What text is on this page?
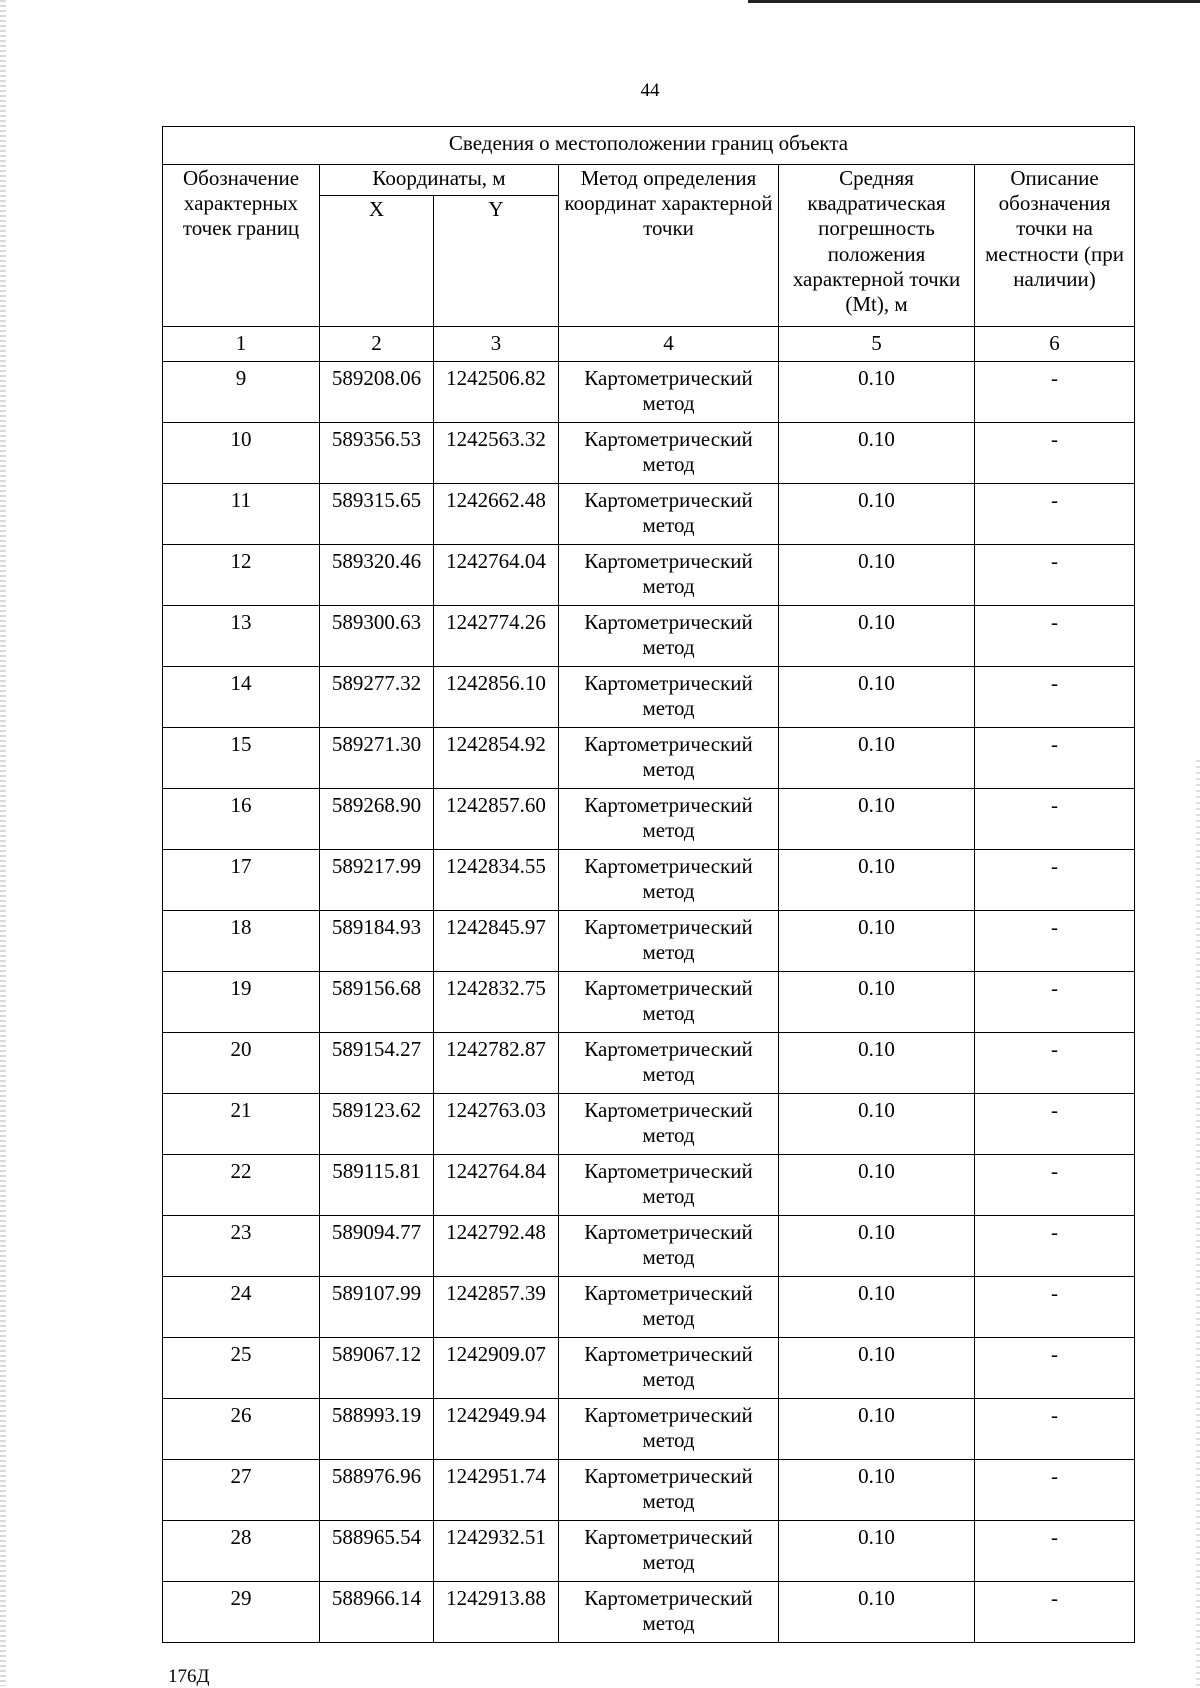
44
Сведения о местоположении границ объекта					
Обозначение характерных точек границ	Координаты, м		Метод определения координат характерной точки	Средняя квадратическая погрешность положения характерной точки (Mt), м	Описание обозначения точки на местности (при наличии)
	X	Y			
1	2	3	4	5	6
9	589208.06	1242506.82	Картометрический метод	0.10	-
10	589356.53	1242563.32	Картометрический метод	0.10	-
11	589315.65	1242662.48	Картометрический метод	0.10	-
12	589320.46	1242764.04	Картометрический метод	0.10	-
13	589300.63	1242774.26	Картометрический метод	0.10	-
14	589277.32	1242856.10	Картометрический метод	0.10	-
15	589271.30	1242854.92	Картометрический метод	0.10	-
16	589268.90	1242857.60	Картометрический метод	0.10	-
17	589217.99	1242834.55	Картометрический метод	0.10	-
18	589184.93	1242845.97	Картометрический метод	0.10	-
19	589156.68	1242832.75	Картометрический метод	0.10	-
20	589154.27	1242782.87	Картометрический метод	0.10	-
21	589123.62	1242763.03	Картометрический метод	0.10	-
22	589115.81	1242764.84	Картометрический метод	0.10	-
23	589094.77	1242792.48	Картометрический метод	0.10	-
24	589107.99	1242857.39	Картометрический метод	0.10	-
25	589067.12	1242909.07	Картометрический метод	0.10	-
26	588993.19	1242949.94	Картометрический метод	0.10	-
27	588976.96	1242951.74	Картометрический метод	0.10	-
28	588965.54	1242932.51	Картометрический метод	0.10	-
29	588966.14	1242913.88	Картометрический метод	0.10	-
176Д
